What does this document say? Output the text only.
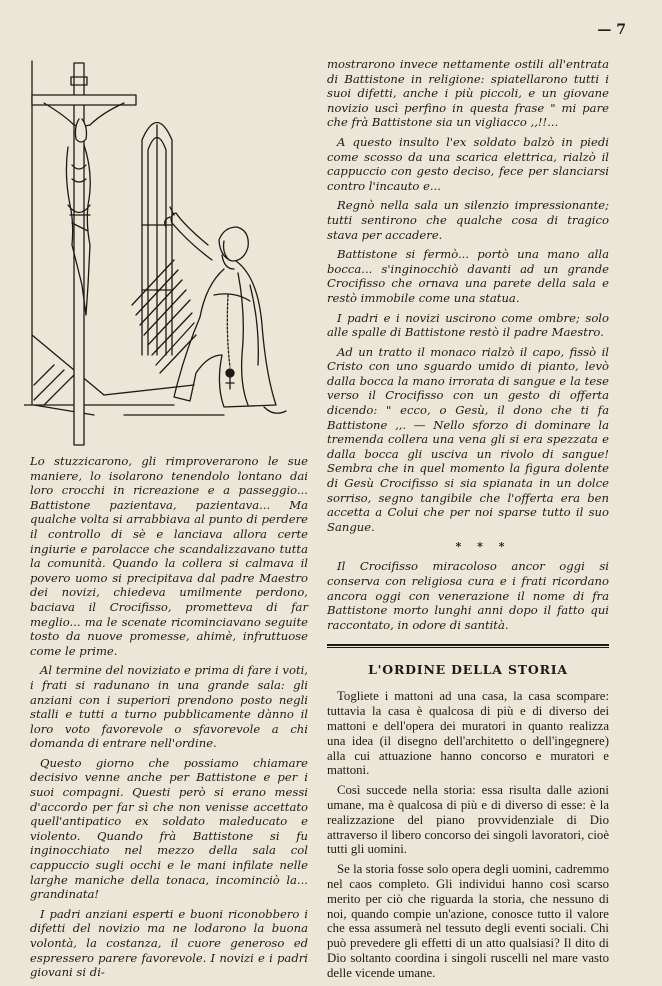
— 7

Lo stuzzicarono, gli rimproverarono le sue maniere, lo isolarono tenendolo lontano dai loro crocchi in ricreazione e a passeggio... Battistone pazientava, pazientava... Ma qualche volta si arrabbiava al punto di perdere il controllo di sè e lanciava allora certe ingiurie e parolacce che scandalizzavano tutta la comunità. Quando la collera si calmava il povero uomo si precipitava dal padre Maestro dei novizi, chiedeva umilmente perdono, baciava il Crocifisso, prometteva di far meglio... ma le scenate ricominciavano seguite tosto da nuove promesse, ahimè, infruttuose come le prime.

Al termine del noviziato e prima di fare i voti, i frati si radunano in una grande sala: gli anziani con i superiori prendono posto negli stalli e tutti a turno pubblicamente dànno il loro voto favorevole o sfavorevole a chi domanda di entrare nell'ordine.

Questo giorno che possiamo chiamare decisivo venne anche per Battistone e per i suoi compagni. Questi però si erano messi d'accordo per far sì che non venisse accettato quell'antipatico ex soldato maleducato e violento. Quando frà Battistone si fu inginocchiato nel mezzo della sala col cappuccio sugli occhi e le mani infilate nelle larghe maniche della tonaca, incominciò la... grandinata!

I padri anziani esperti e buoni riconobbero i difetti del novizio ma ne lodarono la buona volontà, la costanza, il cuore generoso ed espressero parere favorevole. I novizi e i padri giovani si di-

mostrarono invece nettamente ostili all'entrata di Battistone in religione: spiatellarono tutti i suoi difetti, anche i più piccoli, e un giovane novizio uscì perfino in questa frase " mi pare che frà Battistone sia un vigliacco ,,!!...

A questo insulto l'ex soldato balzò in piedi come scosso da una scarica elettrica, rialzò il cappuccio con gesto deciso, fece per slanciarsi contro l'incauto e...

Regnò nella sala un silenzio impressionante; tutti sentirono che qualche cosa di tragico stava per accadere.

Battistone si fermò... portò una mano alla bocca... s'inginocchiò davanti ad un grande Crocifisso che ornava una parete della sala e restò immobile come una statua.

I padri e i novizi uscirono come ombre; solo alle spalle di Battistone restò il padre Maestro.

Ad un tratto il monaco rialzò il capo, fissò il Cristo con uno sguardo umido di pianto, levò dalla bocca la mano irrorata di sangue e la tese verso il Crocifisso con un gesto di offerta dicendo: " ecco, o Gesù, il dono che ti fa Battistone ,,. — Nello sforzo di dominare la tremenda collera una vena gli si era spezzata e dalla bocca gli usciva un rivolo di sangue! Sembra che in quel momento la figura dolente di Gesù Crocifisso si sia spianata in un dolce sorriso, segno tangibile che l'offerta era ben accetta a Colui che per noi sparse tutto il suo Sangue.

* * *

Il Crocifisso miracoloso ancor oggi si conserva con religiosa cura e i frati ricordano ancora oggi con venerazione il nome di fra Battistone morto lunghi anni dopo il fatto qui raccontato, in odore di santità.

L'ORDINE DELLA STORIA

Togliete i mattoni ad una casa, la casa scompare: tuttavia la casa è qualcosa di più e di diverso dei mattoni e dell'opera dei muratori in quanto realizza una idea (il disegno dell'architetto o dell'ingegnere) alla cui attuazione hanno concorso e muratori e mattoni.

Così succede nella storia: essa risulta dalle azioni umane, ma è qualcosa di più e di diverso di esse: è la realizzazione del piano provvidenziale di Dio attraverso il libero concorso dei singoli lavoratori, cioè tutti gli uomini.

Se la storia fosse solo opera degli uomini, cadremmo nel caos completo. Gli individui hanno così scarso merito per ciò che riguarda la storia, che nessuno di noi, quando compie un'azione, conosce tutto il valore che essa assumerà nel tessuto degli eventi sociali. Chi può prevedere gli effetti di un atto qualsiasi? Il dito di Dio soltanto coordina i singoli ruscelli nel mare vasto delle vicende umane.
